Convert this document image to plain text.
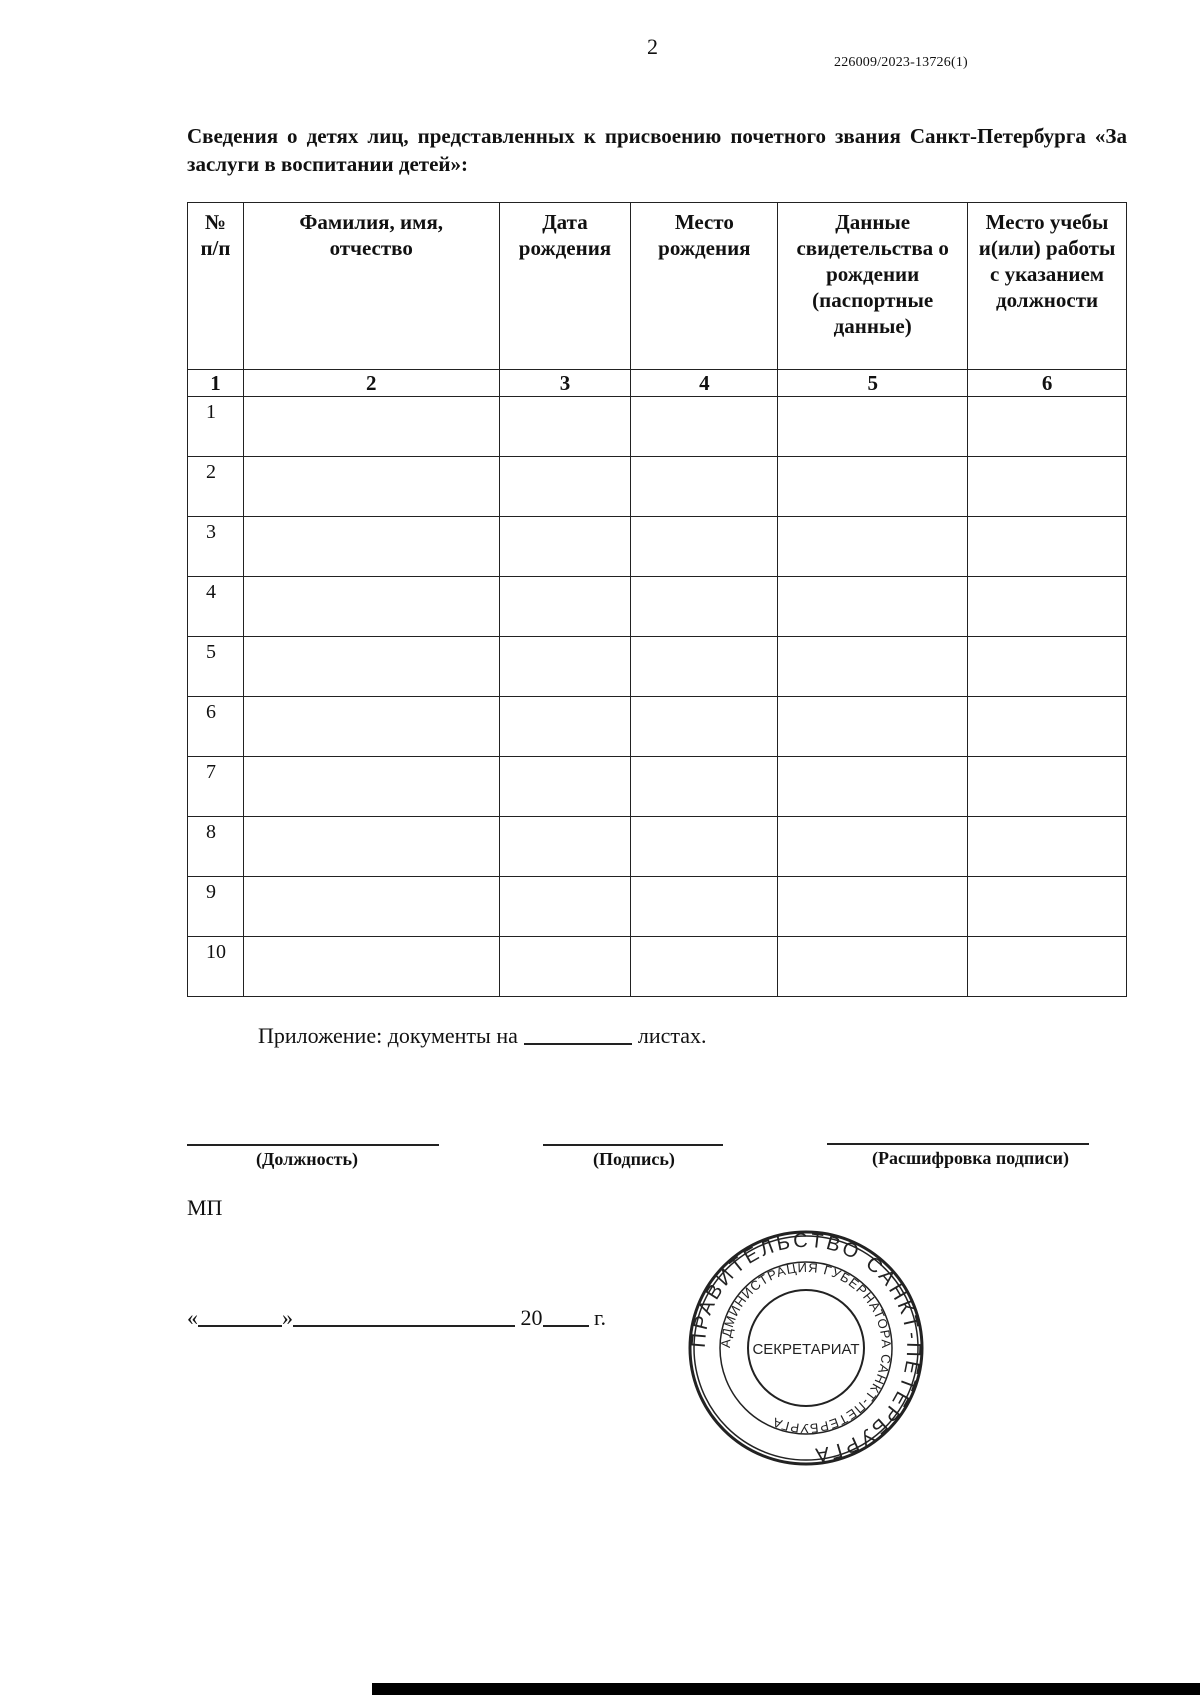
2
226009/2023-13726(1)
Сведения о детях лиц, представленных к присвоению почетного звания Санкт-Петербурга «За заслуги в воспитании детей»:
№ п/п	Фамилия, имя, отчество	Дата рождения	Место рождения	Данные свидетельства о рождении (паспортные данные)	Место учебы и(или) работы с указанием должности
1	2	3	4	5	6
1					
2					
3					
4					
5					
6					
7					
8					
9					
10					
Приложение: документы на	листах.
(Должность)	(Подпись)	(Расшифровка подписи)
МП
«	»	20 г.
ПРАВИТЕЛЬСТВО САНКТ-ПЕТЕРБУРГА
АДМИНИСТРАЦИЯ ГУБЕРНАТОРА САНКТ-ПЕТЕРБУРГА
СЕКРЕТАРИАТ
